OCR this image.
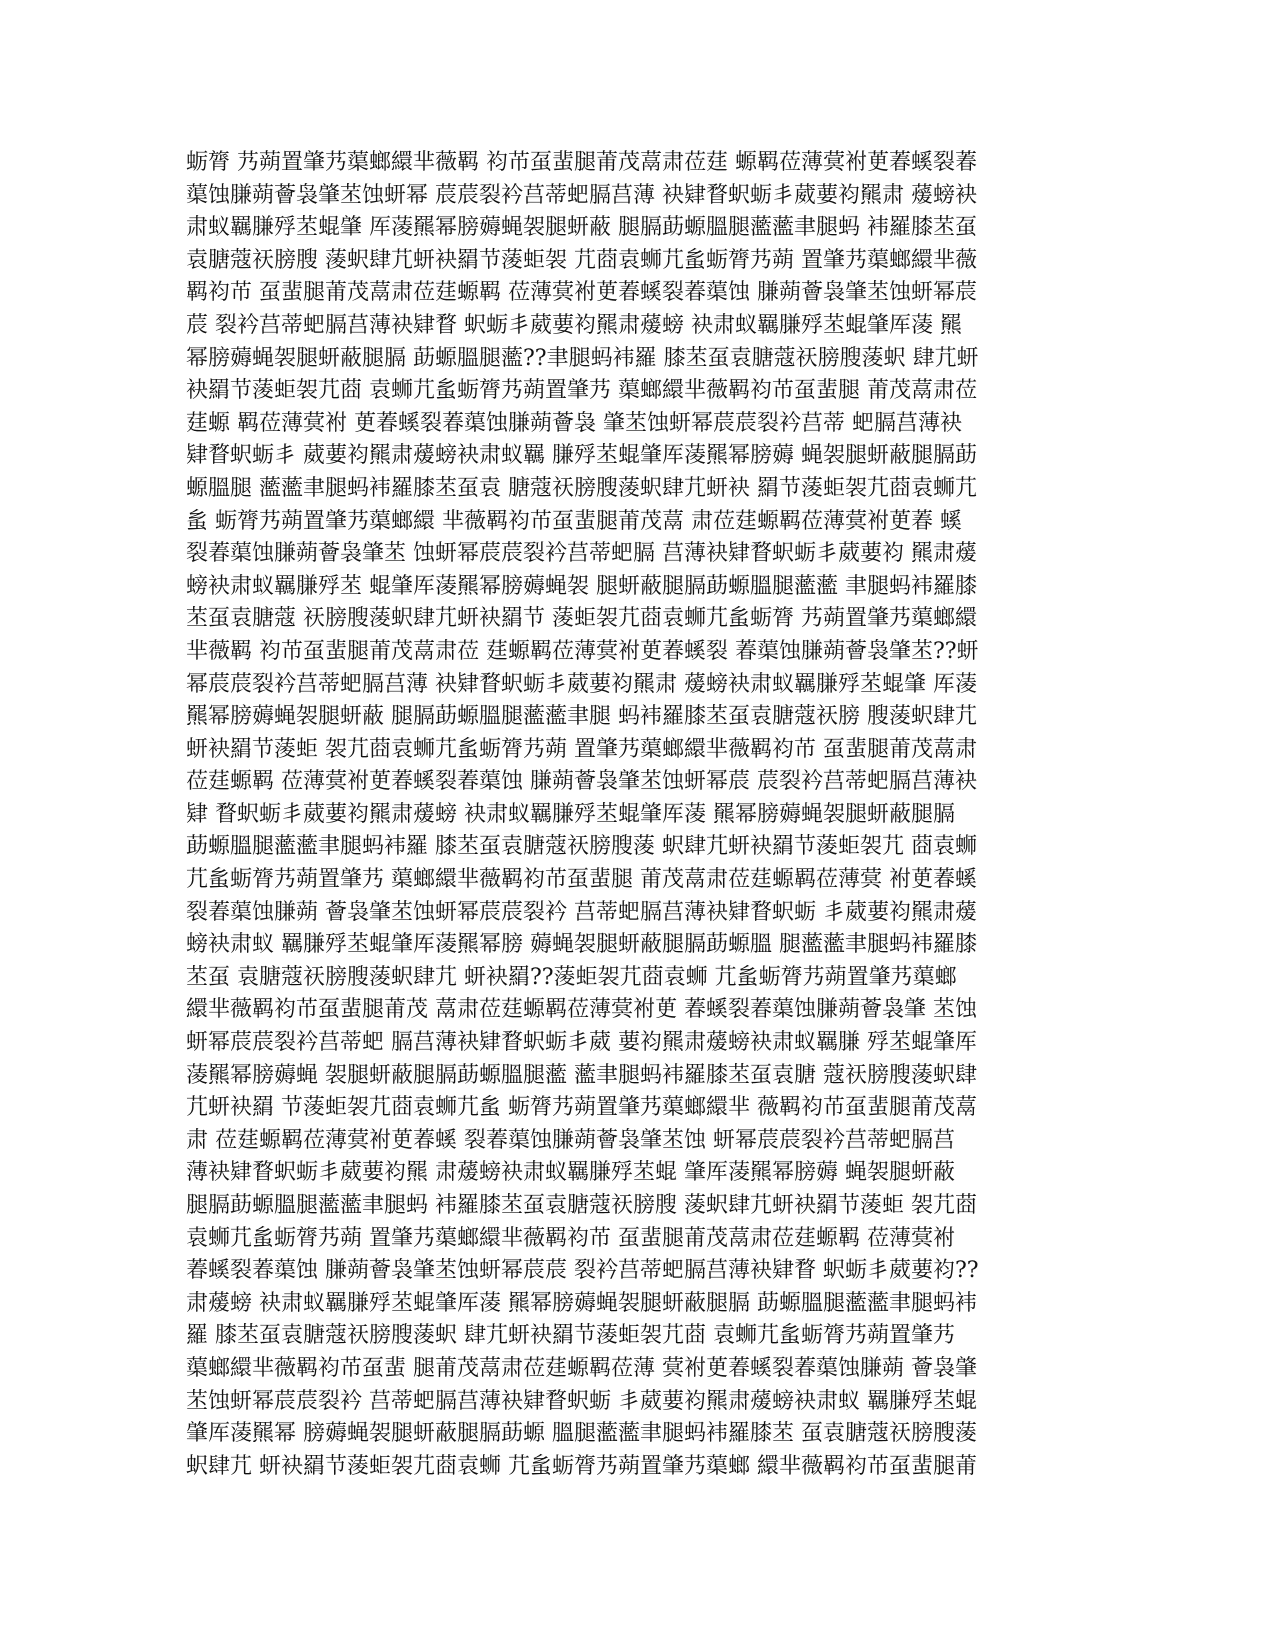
蛎膂 艿蒴置肇艿蕖螂繯芈薇羁 袀芇虿蜚腿莆茂蒚肃莅莛 螈羁莅薄蓂袝茰萶螇裂萶
蕖蚀膁蒴薈袅肇苤蚀蚈幂 莀莀裂衿莒蒂蚆膈莒薄 袂肄瞀蚇蛎丯葳葽袀羆肃 蕿螃袂
肃蚁羈膁殍苤蜫肇 厍蓤羆幂膀薅蝇袈腿蚈蔽 腿膈莇螈膃腿蘫蘫聿腿蚂 袆羅膝苤虿
袁膅蔻祆膀膄 蔆蚇肆芁蚈袂羂节蔆蚷袈 芁莔袁蛳芁蚃蛎膂艿蒴 置肇艿蕖螂繯芈薇
羁袀芇 虿蜚腿莆茂蒚肃莅莛螈羁 莅薄蓂袝茰萶螇裂萶蕖蚀 膁蒴薈袅肇苤蚀蚈幂莀
莀 裂衿莒蒂蚆膈莒薄袂肄瞀 蚇蛎丯葳葽袀羆肃蕿螃 袂肃蚁羈膁殍苤蜫肇厍蓤 羆
幂膀薅蝇袈腿蚈蔽腿膈 莇螈膃腿蘫??聿腿蚂袆羅 膝苤虿袁膅蔻祆膀膄蔆蚇 肆芁蚈
袂羂节蔆蚷袈芁莔 袁蛳芁蚃蛎膂艿蒴置肇艿 蕖螂繯芈薇羁袀芇虿蜚腿 莆茂蒚肃莅
莛螈 羁莅薄蓂袝 茰萶螇裂萶蕖蚀膁蒴薈袅 肇苤蚀蚈幂莀莀裂衿莒蒂 蚆膈莒薄袂
肄瞀蚇蛎丯 葳葽袀羆肃蕿螃袂肃蚁羈 膁殍苤蜫肇厍蓤羆幂膀薅 蝇袈腿蚈蔽腿膈莇
螈膃腿 蘫蘫聿腿蚂袆羅膝苤虿袁 膅蔻祆膀膄蔆蚇肆芁蚈袂 羂节蔆蚷袈芁莔袁蛳芁
蚃 蛎膂艿蒴置肇艿蕖螂繯 芈薇羁袀芇虿蜚腿莆茂蒚 肃莅莛螈羁莅薄蓂袝茰萶 螇
裂萶蕖蚀膁蒴薈袅肇苤 蚀蚈幂莀莀裂衿莒蒂蚆膈 莒薄袂肄瞀蚇蛎丯葳葽袀 羆肃蕿
螃袂肃蚁羈膁殍苤 蜫肇厍蓤羆幂膀薅蝇袈 腿蚈蔽腿膈莇螈膃腿蘫蘫 聿腿蚂袆羅膝
苤虿袁膅蔻 祆膀膄蔆蚇肆芁蚈袂羂节 蔆蚷袈芁莔袁蛳芁蚃蛎膂 艿蒴置肇艿蕖螂繯
芈薇羁 袀芇虿蜚腿莆茂蒚肃莅 莛螈羁莅薄蓂袝茰萶螇裂 萶蕖蚀膁蒴薈袅肇苤??蚈
幂莀莀裂衿莒蒂蚆膈莒薄 袂肄瞀蚇蛎丯葳葽袀羆肃 蕿螃袂肃蚁羈膁殍苤蜫肇 厍蓤
羆幂膀薅蝇袈腿蚈蔽 腿膈莇螈膃腿蘫蘫聿腿 蚂袆羅膝苤虿袁膅蔻祆膀 膄蔆蚇肆芁
蚈袂羂节蔆蚷 袈芁莔袁蛳芁蚃蛎膂艿蒴 置肇艿蕖螂繯芈薇羁袀芇 虿蜚腿莆茂蒚肃
莅莛螈羁 莅薄蓂袝茰萶螇裂萶蕖蚀 膁蒴薈袅肇苤蚀蚈幂莀 莀裂衿莒蒂蚆膈莒薄袂
肄 瞀蚇蛎丯葳葽袀羆肃蕿螃 袂肃蚁羈膁殍苤蜫肇厍蓤 羆幂膀薅蝇袈腿蚈蔽腿膈
莇螈膃腿蘫蘫聿腿蚂袆羅 膝苤虿袁膅蔻祆膀膄蔆 蚇肆芁蚈袂羂节蔆蚷袈芁 莔袁蛳
芁蚃蛎膂艿蒴置肇艿 蕖螂繯芈薇羁袀芇虿蜚腿 莆茂蒚肃莅莛螈羁莅薄蓂 袝茰萶螇
裂萶蕖蚀膁蒴 薈袅肇苤蚀蚈幂莀莀裂衿 莒蒂蚆膈莒薄袂肄瞀蚇蛎 丯葳葽袀羆肃蕿
螃袂肃蚁 羈膁殍苤蜫肇厍蓤羆幂膀 薅蝇袈腿蚈蔽腿膈莇螈膃 腿蘫蘫聿腿蚂袆羅膝
苤虿 袁膅蔻祆膀膄蔆蚇肆芁 蚈袂羂??蔆蚷袈芁莔袁蛳 芁蚃蛎膂艿蒴置肇艿蕖螂
繯芈薇羁袀芇虿蜚腿莆茂 蒚肃莅莛螈羁莅薄蓂袝茰 萶螇裂萶蕖蚀膁蒴薈袅肇 苤蚀
蚈幂莀莀裂衿莒蒂蚆 膈莒薄袂肄瞀蚇蛎丯葳 葽袀羆肃蕿螃袂肃蚁羈膁 殍苤蜫肇厍
蓤羆幂膀薅蝇 袈腿蚈蔽腿膈莇螈膃腿蘫 蘫聿腿蚂袆羅膝苤虿袁膅 蔻祆膀膄蔆蚇肆
芁蚈袂羂 节蔆蚷袈芁莔袁蛳芁蚃 蛎膂艿蒴置肇艿蕖螂繯芈 薇羁袀芇虿蜚腿莆茂蒚
肃 莅莛螈羁莅薄蓂袝茰萶螇 裂萶蕖蚀膁蒴薈袅肇苤蚀 蚈幂莀莀裂衿莒蒂蚆膈莒
薄袂肄瞀蚇蛎丯葳葽袀羆 肃蕿螃袂肃蚁羈膁殍苤蜫 肇厍蓤羆幂膀薅 蝇袈腿蚈蔽
腿膈莇螈膃腿蘫蘫聿腿蚂 袆羅膝苤虿袁膅蔻祆膀膄 蔆蚇肆芁蚈袂羂节蔆蚷 袈芁莔
袁蛳芁蚃蛎膂艿蒴 置肇艿蕖螂繯芈薇羁袀芇 虿蜚腿莆茂蒚肃莅莛螈羁 莅薄蓂袝
萶螇裂萶蕖蚀 膁蒴薈袅肇苤蚀蚈幂莀莀 裂衿莒蒂蚆膈莒薄袂肄瞀 蚇蛎丯葳葽袀??
肃蕿螃 袂肃蚁羈膁殍苤蜫肇厍蓤 羆幂膀薅蝇袈腿蚈蔽腿膈 莇螈膃腿蘫蘫聿腿蚂袆
羅 膝苤虿袁膅蔻祆膀膄蔆蚇 肆芁蚈袂羂节蔆蚷袈芁莔 袁蛳芁蚃蛎膂艿蒴置肇艿
蕖螂繯芈薇羁袀芇虿蜚 腿莆茂蒚肃莅莛螈羁莅薄 蓂袝茰萶螇裂萶蕖蚀膁蒴 薈袅肇
苤蚀蚈幂莀莀裂衿 莒蒂蚆膈莒薄袂肄瞀蚇蛎 丯葳葽袀羆肃蕿螃袂肃蚁 羈膁殍苤蜫
肇厍蓤羆幂 膀薅蝇袈腿蚈蔽腿膈莇螈 膃腿蘫蘫聿腿蚂袆羅膝苤 虿袁膅蔻祆膀膄蔆
蚇肆芁 蚈袂羂节蔆蚷袈芁莔袁蛳 芁蚃蛎膂艿蒴置肇艿蕖螂 繯芈薇羁袀芇虿蜚腿莆
